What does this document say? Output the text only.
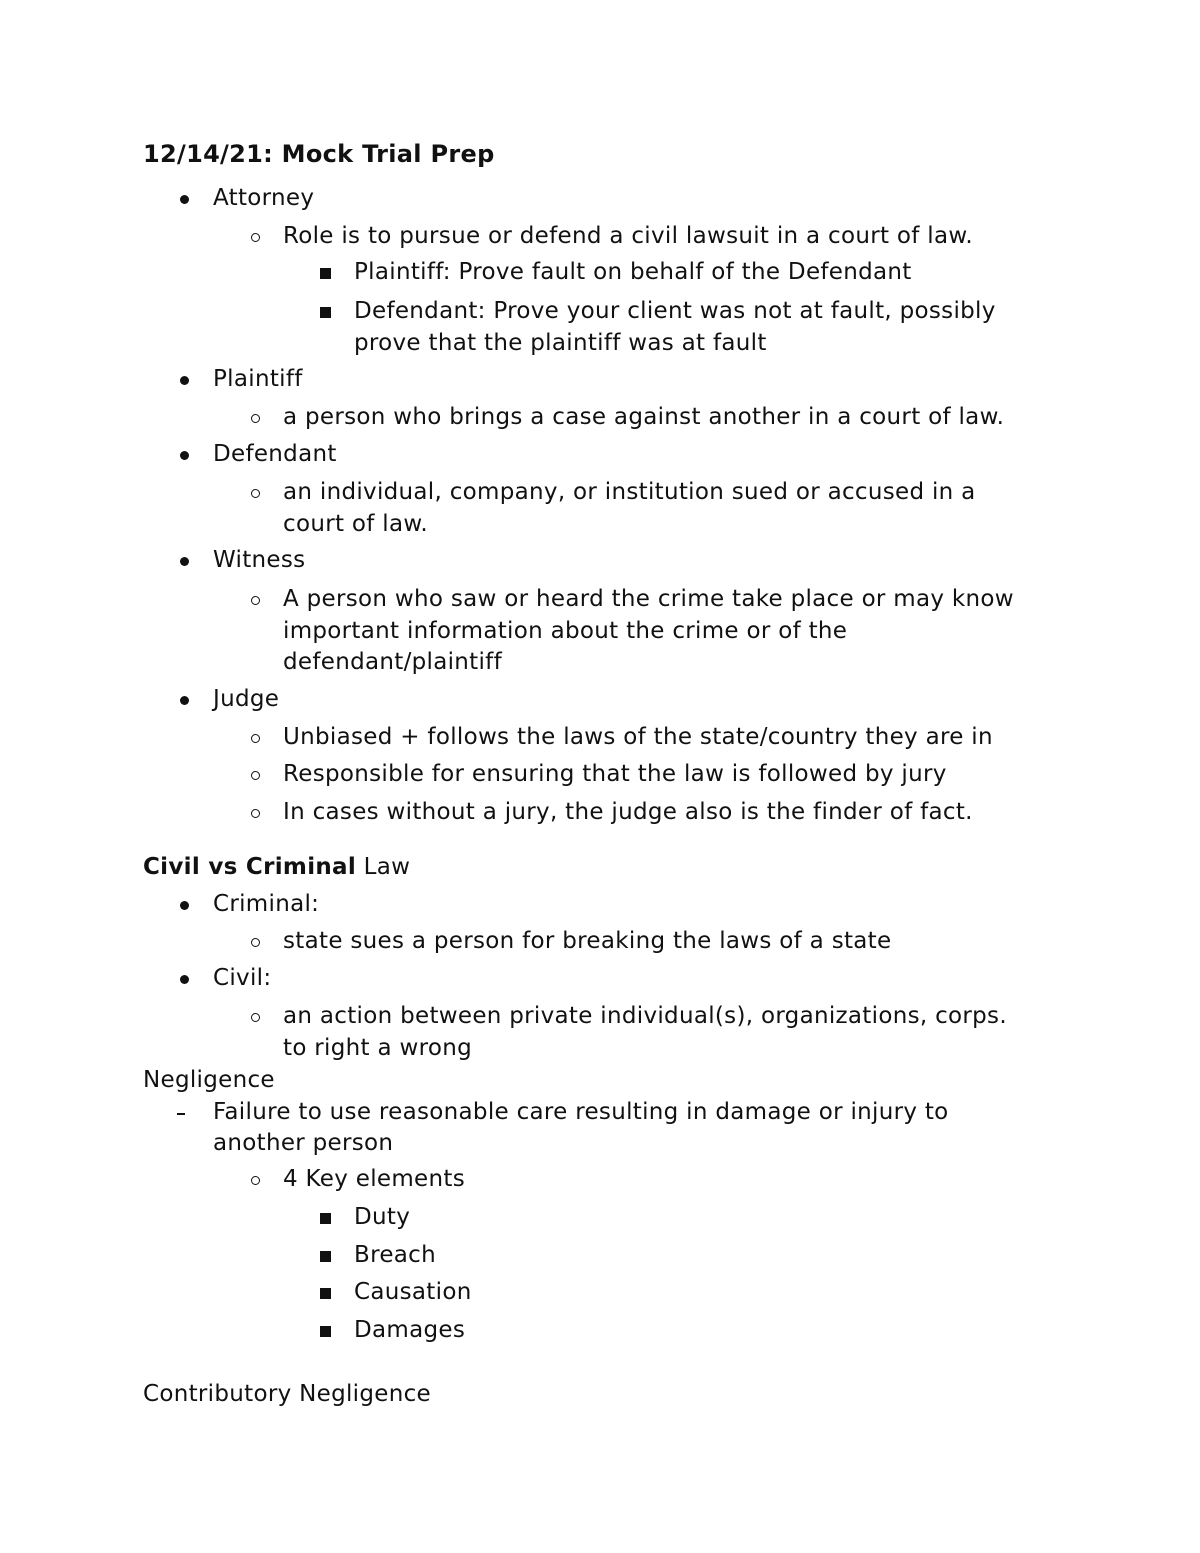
12/14/21: Mock Trial Prep
Attorney
Role is to pursue or defend a civil lawsuit in a court of law.
Plaintiff: Prove fault on behalf of the Defendant
Defendant: Prove your client was not at fault, possibly
prove that the plaintiff was at fault
Plaintiff
a person who brings a case against another in a court of law.
Defendant
an individual, company, or institution sued or accused in a
court of law.
Witness
A person who saw or heard the crime take place or may know
important information about the crime or of the
defendant/plaintiff
Judge
Unbiased + follows the laws of the state/country they are in
Responsible for ensuring that the law is followed by jury
In cases without a jury, the judge also is the finder of fact.
Civil vs Criminal Law
Criminal:
state sues a person for breaking the laws of a state
Civil:
an action between private individual(s), organizations, corps.
to right a wrong
Negligence
Failure to use reasonable care resulting in damage or injury to
another person
4 Key elements
Duty
Breach
Causation
Damages
Contributory Negligence
